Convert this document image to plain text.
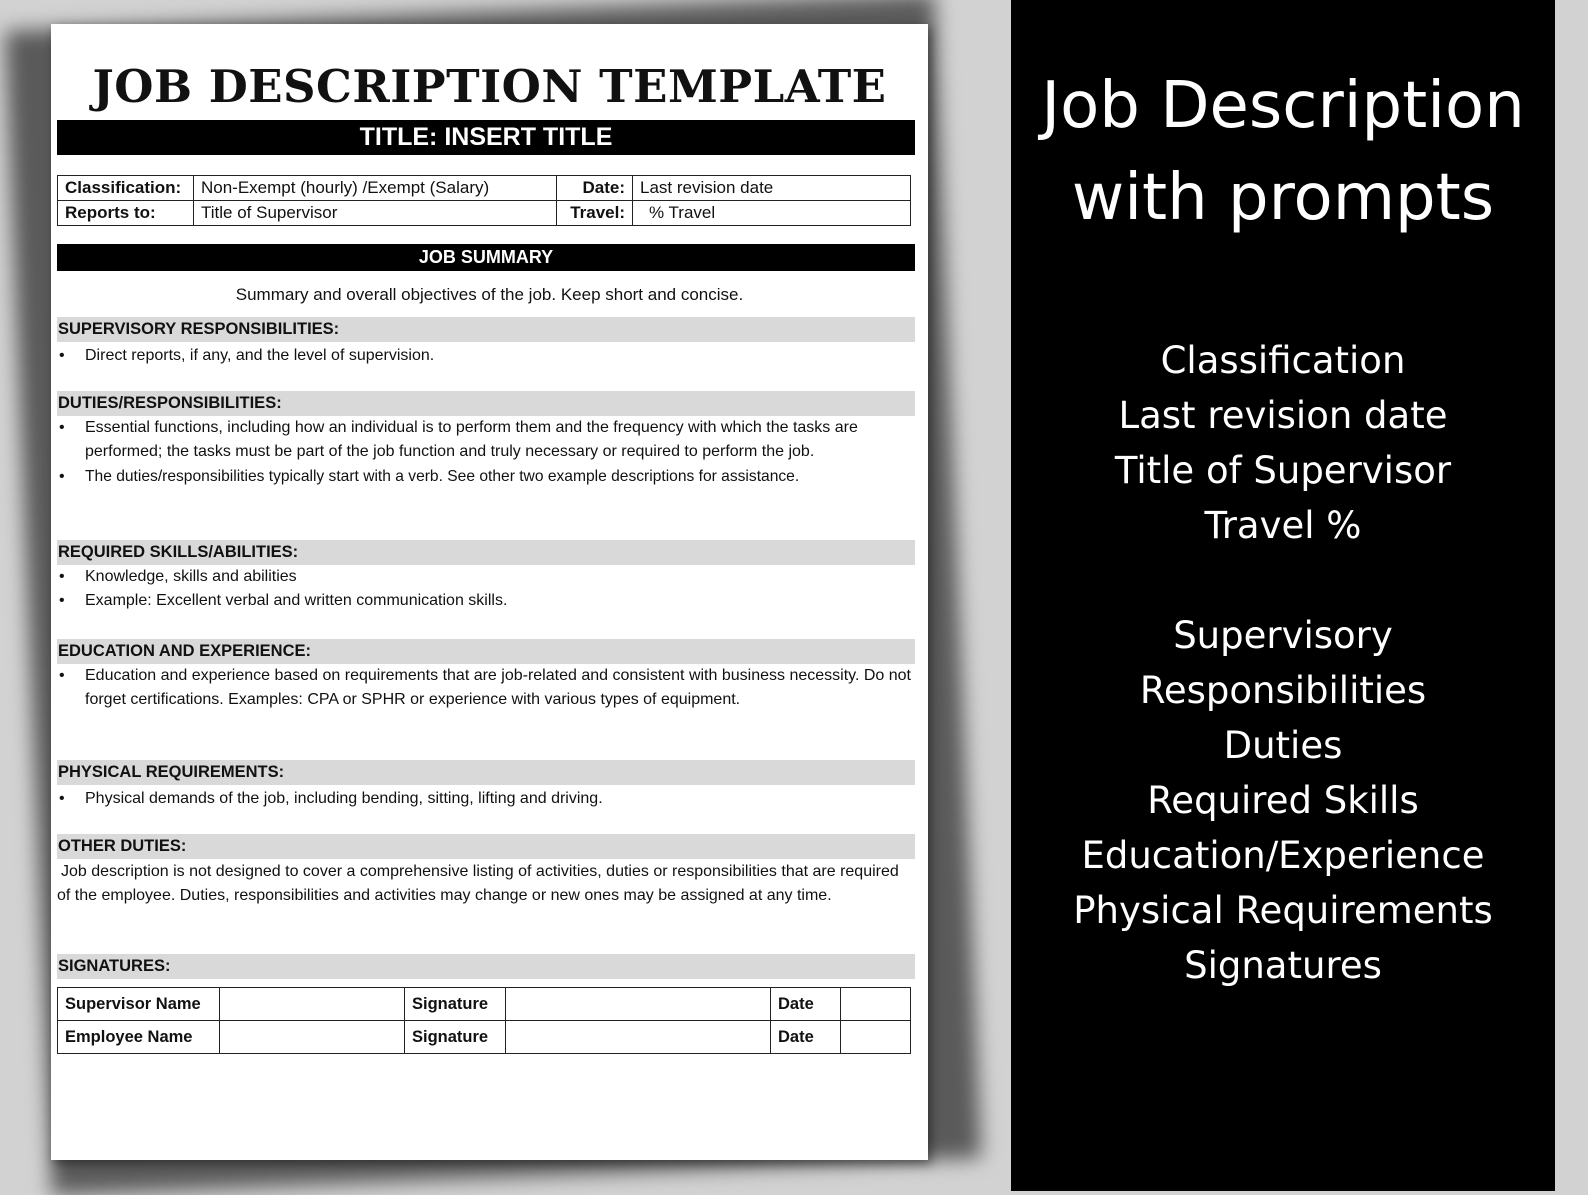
JOB DESCRIPTION TEMPLATE
TITLE: INSERT TITLE
Classification:	Non-Exempt (hourly) /Exempt (Salary)	Date:	Last revision date
Reports to:	Title of Supervisor	Travel:	% Travel
JOB SUMMARY
Summary and overall objectives of the job. Keep short and concise.
SUPERVISORY RESPONSIBILITIES:
• Direct reports, if any, and the level of supervision.
DUTIES/RESPONSIBILITIES:
• Essential functions, including how an individual is to perform them and the frequency with which the tasks are performed; the tasks must be part of the job function and truly necessary or required to perform the job.
• The duties/responsibilities typically start with a verb. See other two example descriptions for assistance.
REQUIRED SKILLS/ABILITIES:
• Knowledge, skills and abilities
• Example: Excellent verbal and written communication skills.
EDUCATION AND EXPERIENCE:
• Education and experience based on requirements that are job-related and consistent with business necessity. Do not forget certifications. Examples: CPA or SPHR or experience with various types of equipment.
PHYSICAL REQUIREMENTS:
• Physical demands of the job, including bending, sitting, lifting and driving.
OTHER DUTIES:
Job description is not designed to cover a comprehensive listing of activities, duties or responsibilities that are required of the employee. Duties, responsibilities and activities may change or new ones may be assigned at any time.
SIGNATURES:
Supervisor Name		Signature		Date	
Employee Name		Signature		Date	
Job Description
with prompts
Classification
Last revision date
Title of Supervisor
Travel %
Supervisory
Responsibilities
Duties
Required Skills
Education/Experience
Physical Requirements
Signatures
